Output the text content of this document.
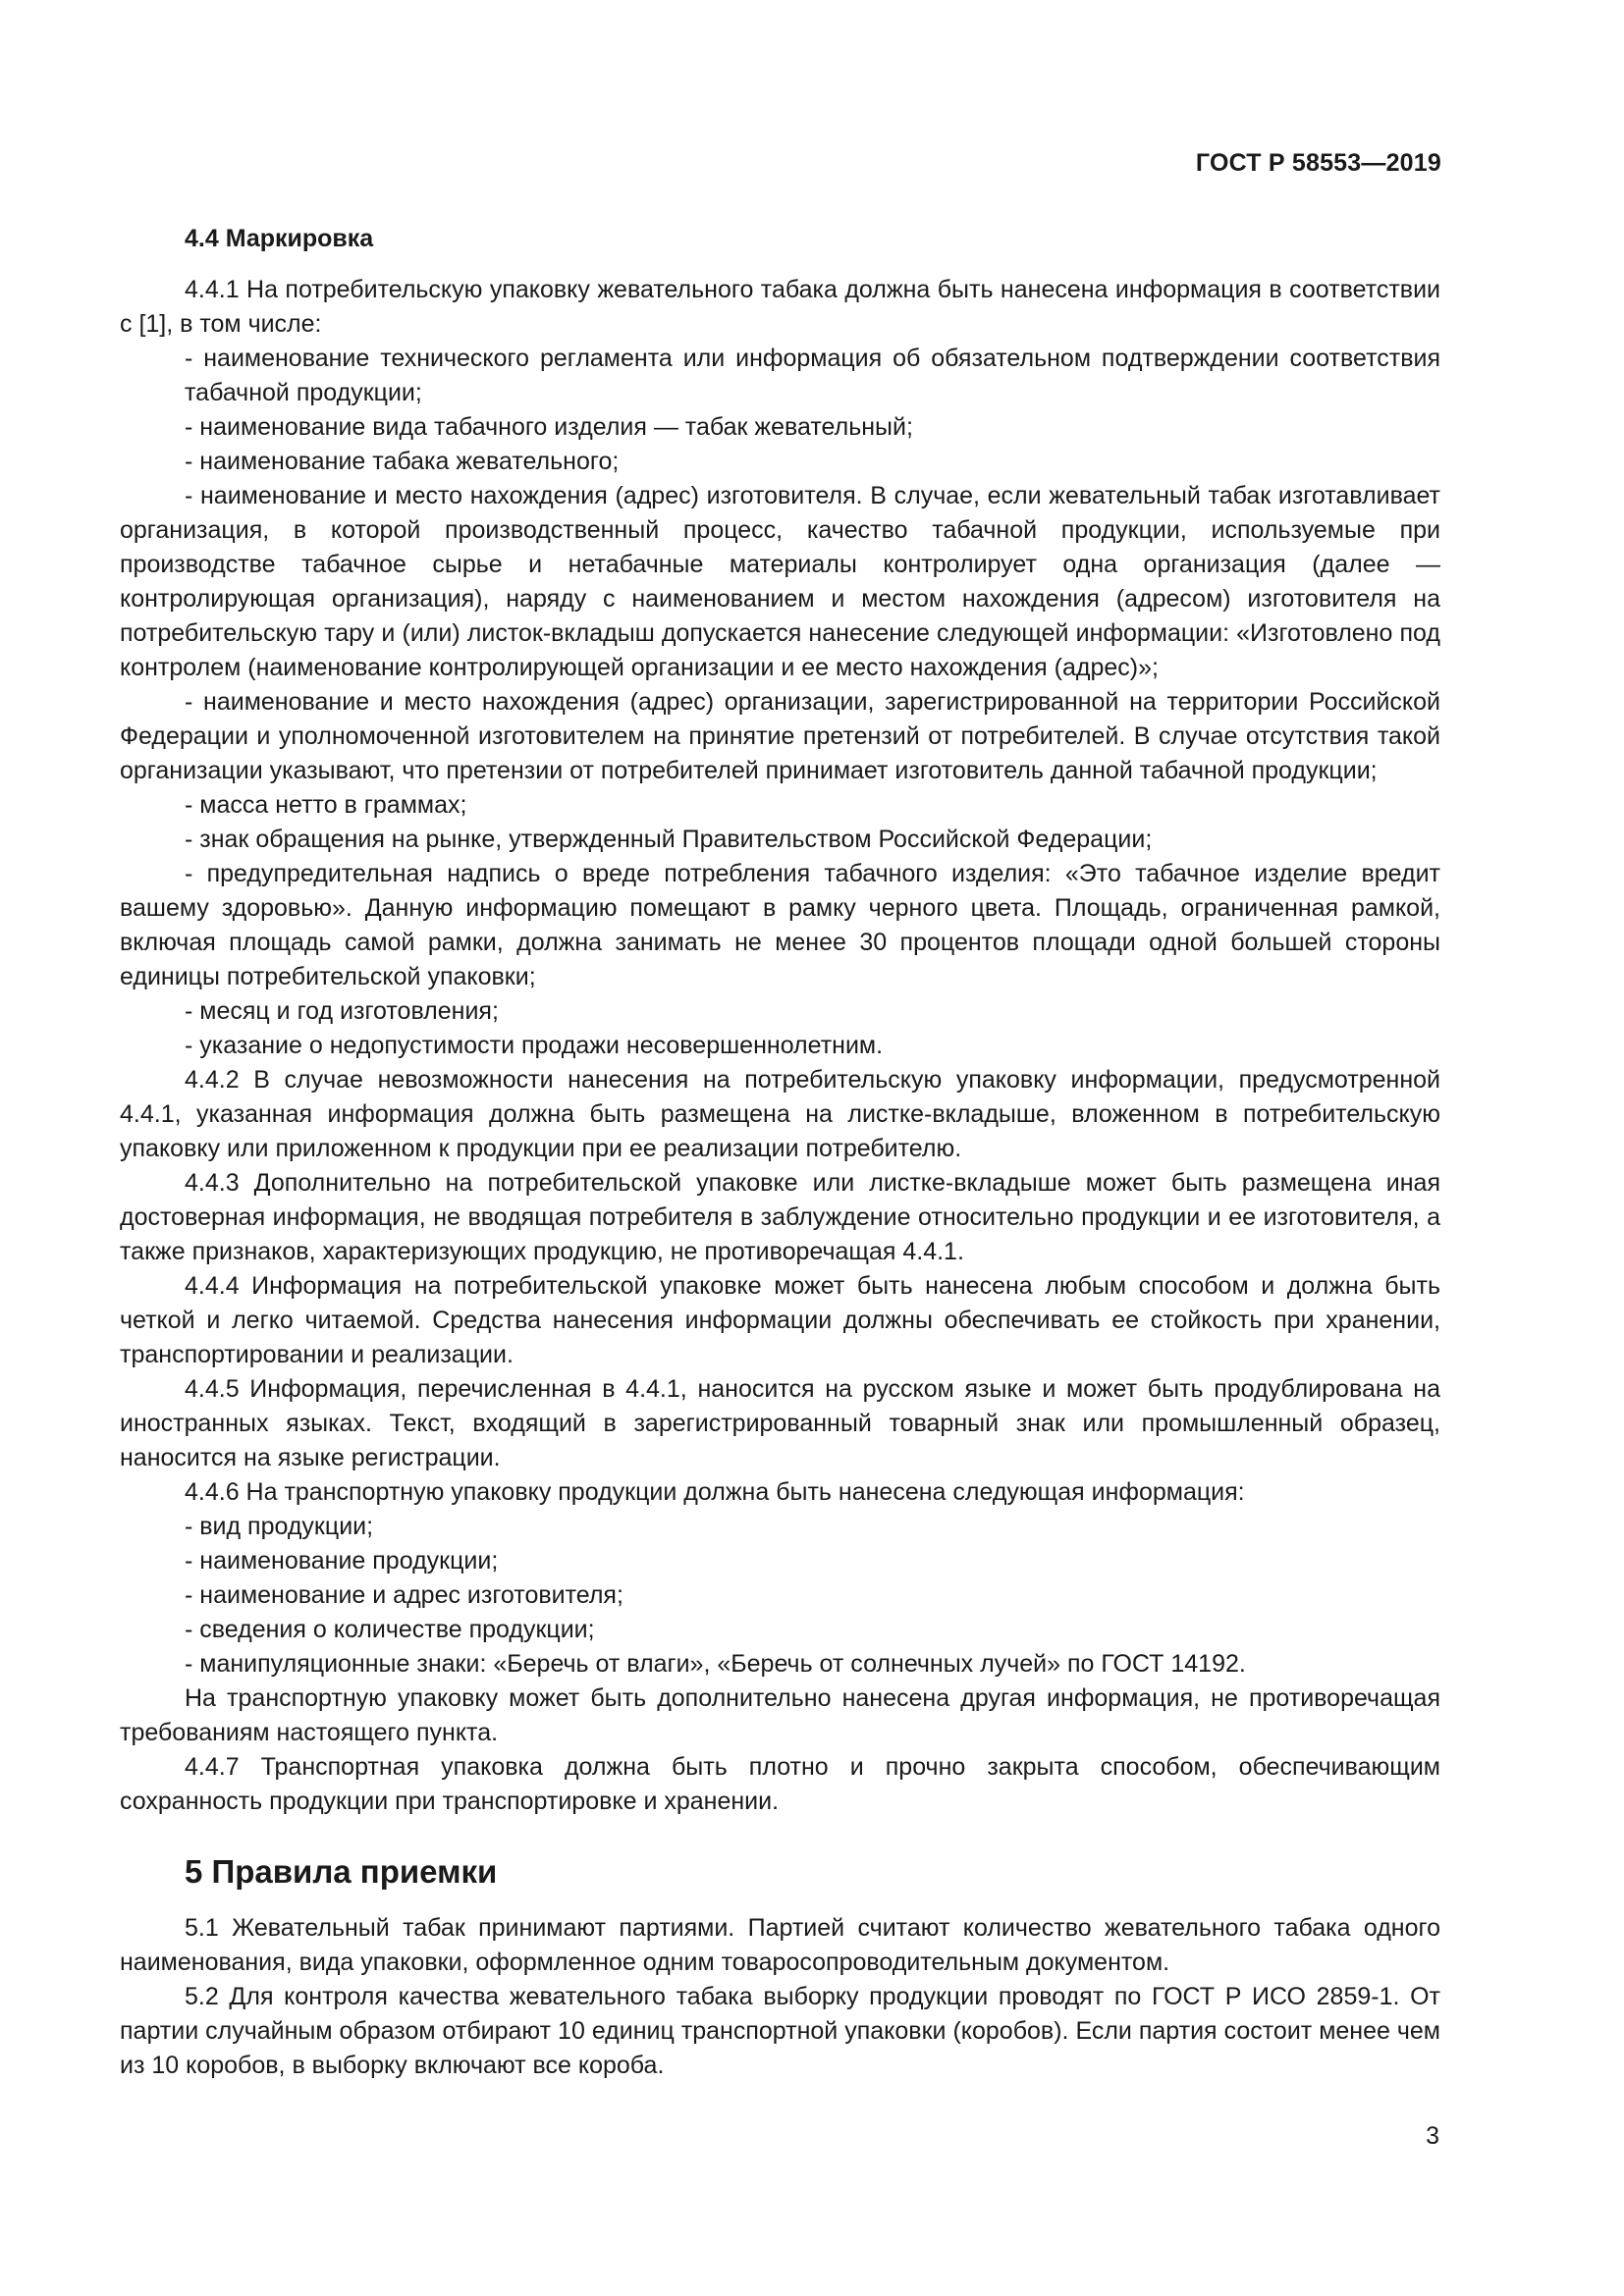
ГОСТ Р 58553—2019

4.4 Маркировка

4.4.1 На потребительскую упаковку жевательного табака должна быть нанесена информация в соответствии с [1], в том числе:

- наименование технического регламента или информация об обязательном подтверждении соответствия табачной продукции;

- наименование вида табачного изделия — табак жевательный;

- наименование табака жевательного;

- наименование и место нахождения (адрес) изготовителя. В случае, если жевательный табак изготавливает организация, в которой производственный процесс, качество табачной продукции, используемые при производстве табачное сырье и нетабачные материалы контролирует одна организация (далее — контролирующая организация), наряду с наименованием и местом нахождения (адресом) изготовителя на потребительскую тару и (или) листок-вкладыш допускается нанесение следующей информации: «Изготовлено под контролем (наименование контролирующей организации и ее место нахождения (адрес)»;

- наименование и место нахождения (адрес) организации, зарегистрированной на территории Российской Федерации и уполномоченной изготовителем на принятие претензий от потребителей. В случае отсутствия такой организации указывают, что претензии от потребителей принимает изготовитель данной табачной продукции;

- масса нетто в граммах;

- знак обращения на рынке, утвержденный Правительством Российской Федерации;

- предупредительная надпись о вреде потребления табачного изделия: «Это табачное изделие вредит вашему здоровью». Данную информацию помещают в рамку черного цвета. Площадь, ограниченная рамкой, включая площадь самой рамки, должна занимать не менее 30 процентов площади одной большей стороны единицы потребительской упаковки;

- месяц и год изготовления;

- указание о недопустимости продажи несовершеннолетним.

4.4.2 В случае невозможности нанесения на потребительскую упаковку информации, предусмотренной 4.4.1, указанная информация должна быть размещена на листке-вкладыше, вложенном в потребительскую упаковку или приложенном к продукции при ее реализации потребителю.

4.4.3 Дополнительно на потребительской упаковке или листке-вкладыше может быть размещена иная достоверная информация, не вводящая потребителя в заблуждение относительно продукции и ее изготовителя, а также признаков, характеризующих продукцию, не противоречащая 4.4.1.

4.4.4 Информация на потребительской упаковке может быть нанесена любым способом и должна быть четкой и легко читаемой. Средства нанесения информации должны обеспечивать ее стойкость при хранении, транспортировании и реализации.

4.4.5 Информация, перечисленная в 4.4.1, наносится на русском языке и может быть продублирована на иностранных языках. Текст, входящий в зарегистрированный товарный знак или промышленный образец, наносится на языке регистрации.

4.4.6 На транспортную упаковку продукции должна быть нанесена следующая информация:

- вид продукции;

- наименование продукции;

- наименование и адрес изготовителя;

- сведения о количестве продукции;

- манипуляционные знаки: «Беречь от влаги», «Беречь от солнечных лучей» по ГОСТ 14192.

На транспортную упаковку может быть дополнительно нанесена другая информация, не противоречащая требованиям настоящего пункта.

4.4.7 Транспортная упаковка должна быть плотно и прочно закрыта способом, обеспечивающим сохранность продукции при транспортировке и хранении.

5 Правила приемки

5.1 Жевательный табак принимают партиями. Партией считают количество жевательного табака одного наименования, вида упаковки, оформленное одним товаросопроводительным документом.

5.2 Для контроля качества жевательного табака выборку продукции проводят по ГОСТ Р ИСО 2859-1. От партии случайным образом отбирают 10 единиц транспортной упаковки (коробов). Если партия состоит менее чем из 10 коробов, в выборку включают все короба.

3
